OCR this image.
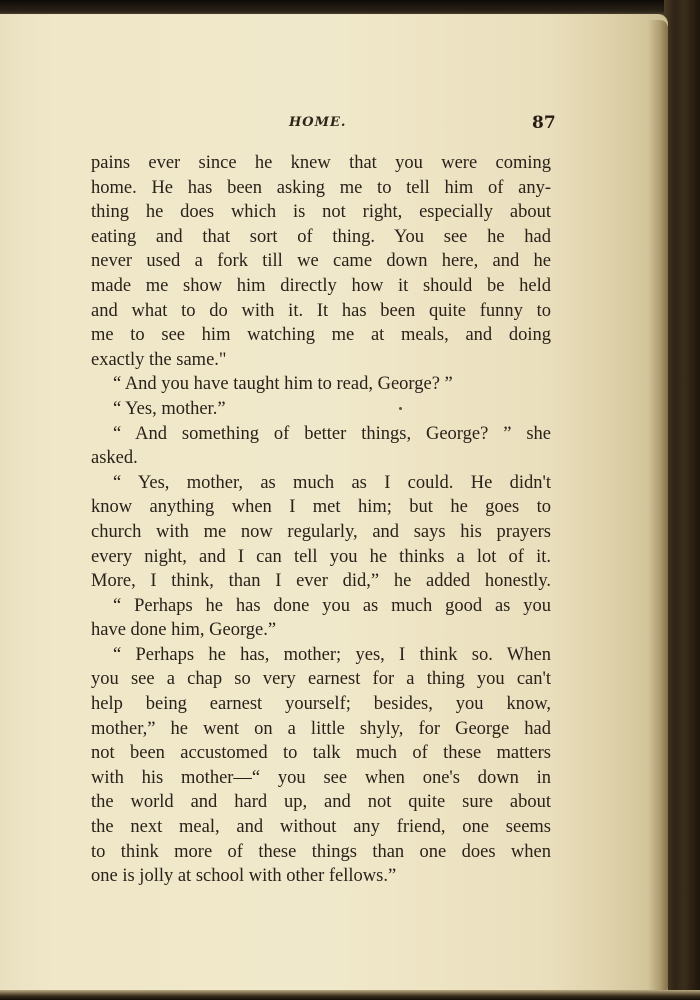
HOME.	87
pains ever since he knew that you were coming
home. He has been asking me to tell him of any-
thing he does which is not right, especially about
eating and that sort of thing. You see he had
never used a fork till we came down here, and he
made me show him directly how it should be held
and what to do with it. It has been quite funny to
me to see him watching me at meals, and doing
exactly the same."
“ And you have taught him to read, George? ”
“ Yes, mother.”
“ And something of better things, George? ” she
asked.
“ Yes, mother, as much as I could. He didn't
know anything when I met him; but he goes to
church with me now regularly, and says his prayers
every night, and I can tell you he thinks a lot of it.
More, I think, than I ever did,” he added honestly.
“ Perhaps he has done you as much good as you
have done him, George.”
“ Perhaps he has, mother; yes, I think so. When
you see a chap so very earnest for a thing you can't
help being earnest yourself; besides, you know,
mother,” he went on a little shyly, for George had
not been accustomed to talk much of these matters
with his mother—“ you see when one's down in
the world and hard up, and not quite sure about
the next meal, and without any friend, one seems
to think more of these things than one does when
one is jolly at school with other fellows.”
